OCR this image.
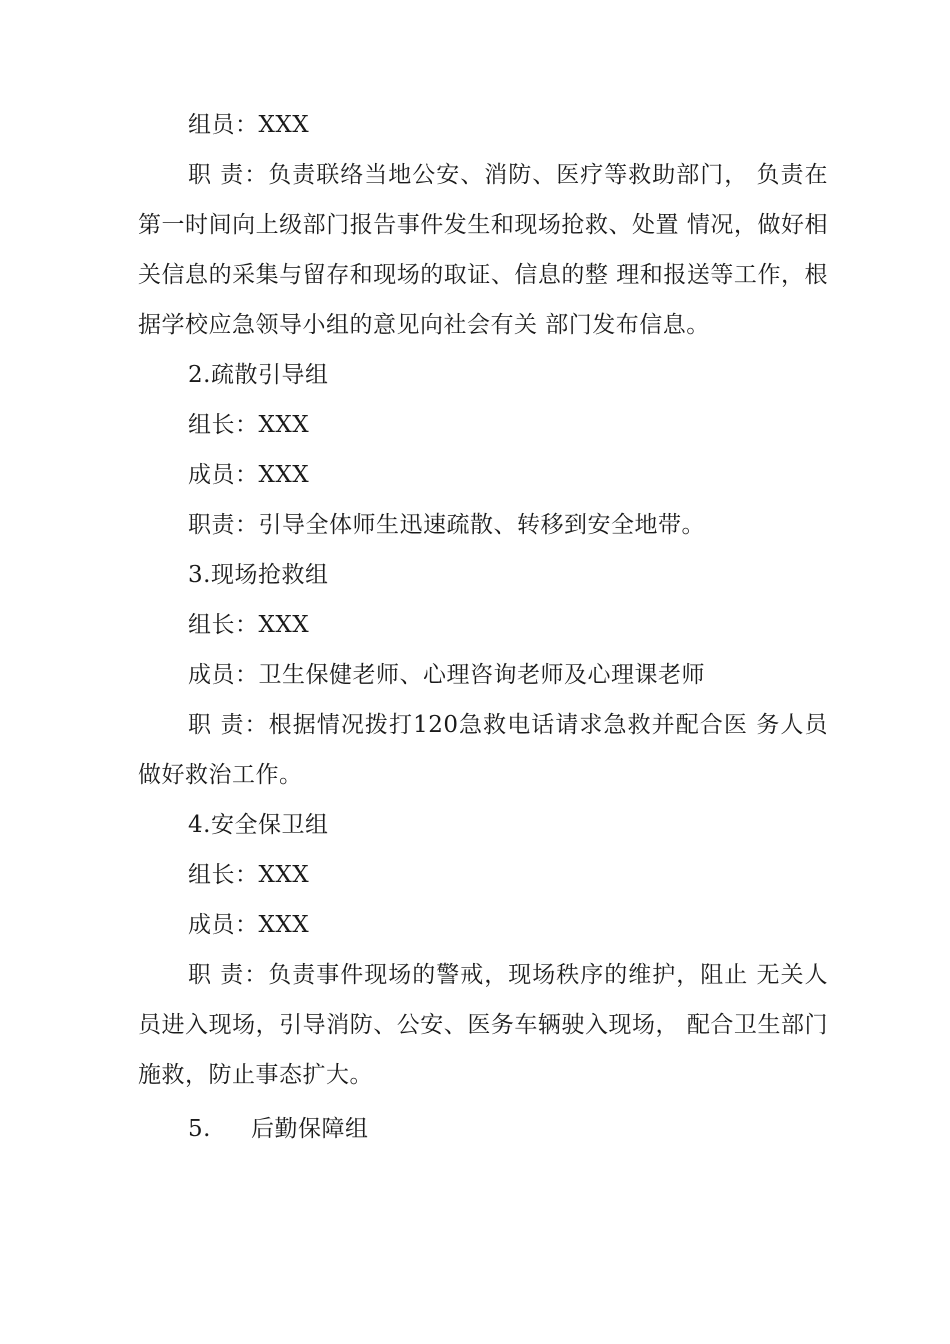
组员：XXX

职 责：负责联络当地公安、消防、医疗等救助部门， 负责在第一时间向上级部门报告事件发生和现场抢救、处置 情况，做好相关信息的采集与留存和现场的取证、信息的整 理和报送等工作，根据学校应急领导小组的意见向社会有关 部门发布信息。

2.疏散引导组

组长：XXX

成员：XXX

职责：引导全体师生迅速疏散、转移到安全地带。

3.现场抢救组

组长：XXX

成员：卫生保健老师、心理咨询老师及心理课老师

职 责：根据情况拨打120急救电话请求急救并配合医 务人员做好救治工作。

4.安全保卫组

组长：XXX

成员：XXX

职 责：负责事件现场的警戒，现场秩序的维护，阻止 无关人员进入现场，引导消防、公安、医务车辆驶入现场， 配合卫生部门施救，防止事态扩大。

5. 后勤保障组
